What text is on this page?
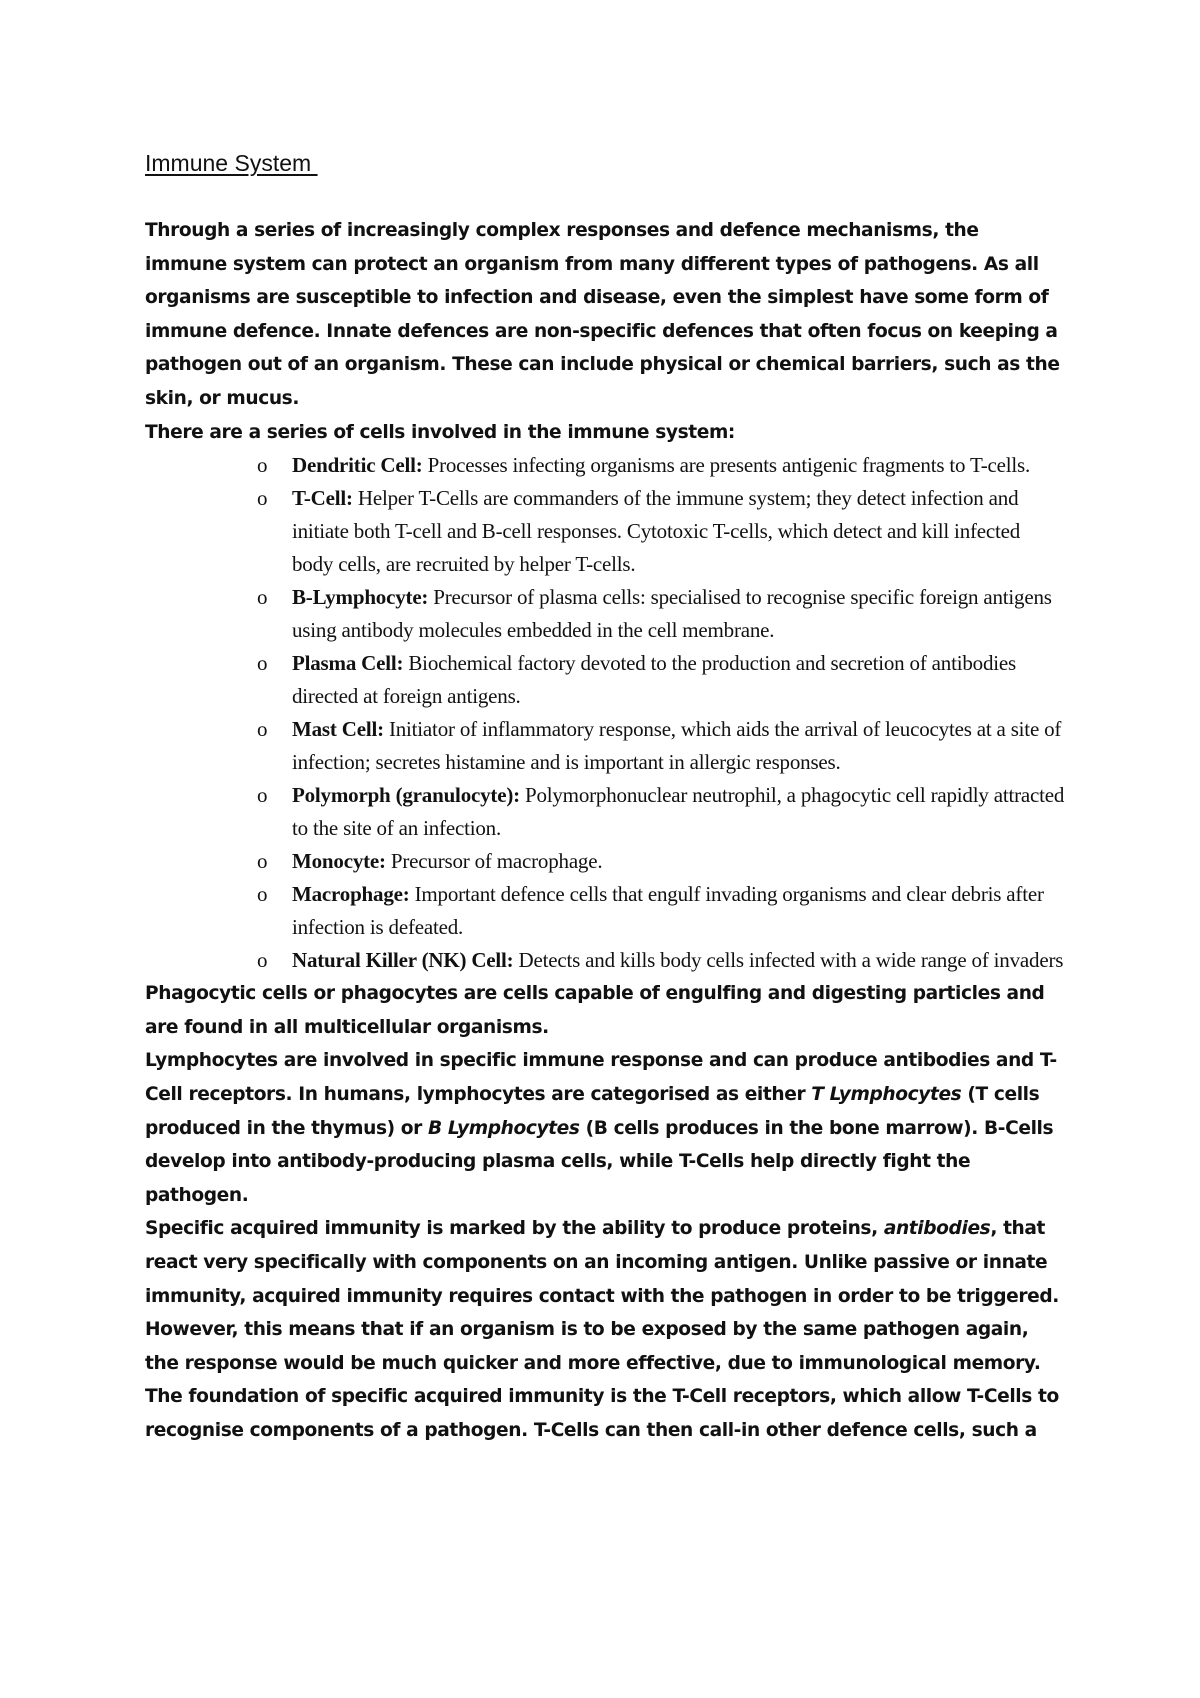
Immune System

Through a series of increasingly complex responses and defence mechanisms, the immune system can protect an organism from many different types of pathogens. As all organisms are susceptible to infection and disease, even the simplest have some form of immune defence. Innate defences are non-specific defences that often focus on keeping a pathogen out of an organism. These can include physical or chemical barriers, such as the skin, or mucus.

There are a series of cells involved in the immune system:

o Dendritic Cell: Processes infecting organisms are presents antigenic fragments to T-cells.
o T-Cell: Helper T-Cells are commanders of the immune system; they detect infection and initiate both T-cell and B-cell responses. Cytotoxic T-cells, which detect and kill infected body cells, are recruited by helper T-cells.
o B-Lymphocyte: Precursor of plasma cells: specialised to recognise specific foreign antigens using antibody molecules embedded in the cell membrane.
o Plasma Cell: Biochemical factory devoted to the production and secretion of antibodies directed at foreign antigens.
o Mast Cell: Initiator of inflammatory response, which aids the arrival of leucocytes at a site of infection; secretes histamine and is important in allergic responses.
o Polymorph (granulocyte): Polymorphonuclear neutrophil, a phagocytic cell rapidly attracted to the site of an infection.
o Monocyte: Precursor of macrophage.
o Macrophage: Important defence cells that engulf invading organisms and clear debris after infection is defeated.
o Natural Killer (NK) Cell: Detects and kills body cells infected with a wide range of invaders

Phagocytic cells or phagocytes are cells capable of engulfing and digesting particles and are found in all multicellular organisms.

Lymphocytes are involved in specific immune response and can produce antibodies and T-Cell receptors. In humans, lymphocytes are categorised as either T Lymphocytes (T cells produced in the thymus) or B Lymphocytes (B cells produces in the bone marrow). B-Cells develop into antibody-producing plasma cells, while T-Cells help directly fight the pathogen.

Specific acquired immunity is marked by the ability to produce proteins, antibodies, that react very specifically with components on an incoming antigen. Unlike passive or innate immunity, acquired immunity requires contact with the pathogen in order to be triggered. However, this means that if an organism is to be exposed by the same pathogen again, the response would be much quicker and more effective, due to immunological memory.

The foundation of specific acquired immunity is the T-Cell receptors, which allow T-Cells to recognise components of a pathogen. T-Cells can then call-in other defence cells, such a
